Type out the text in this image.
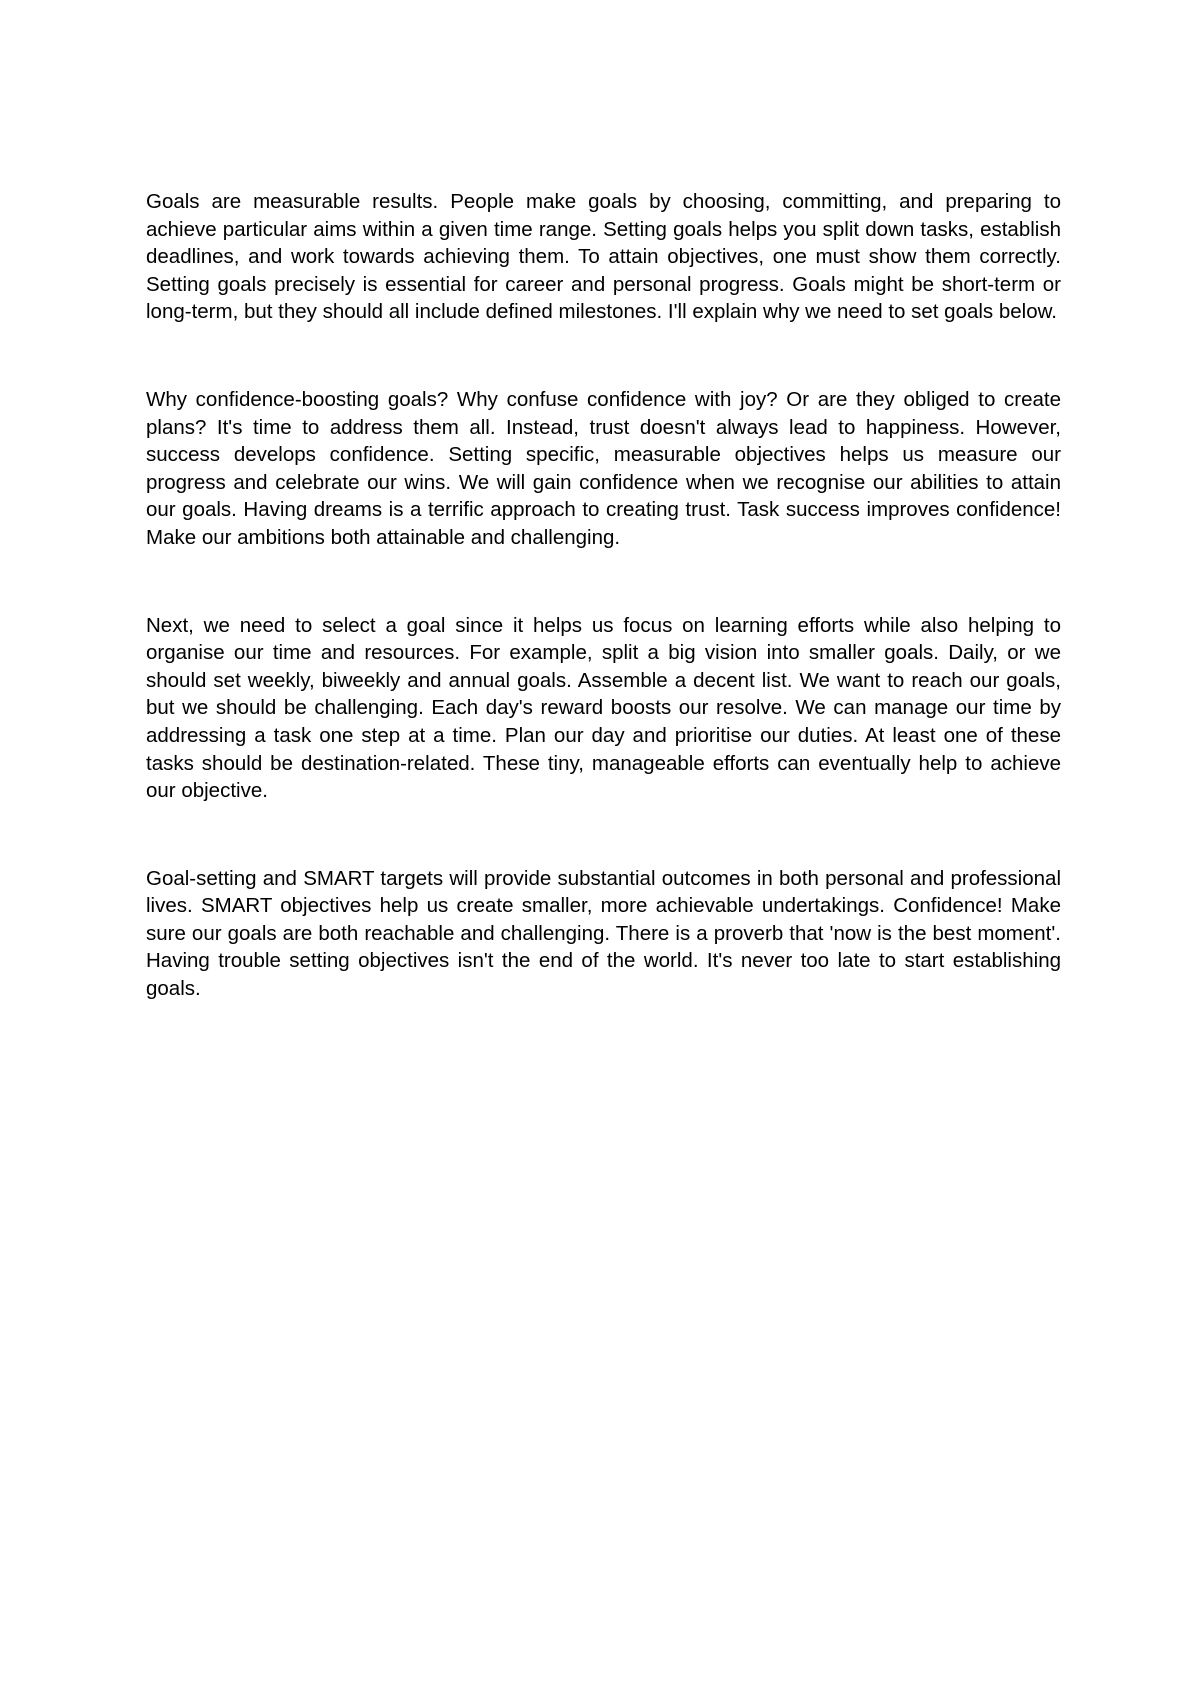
Goals are measurable results. People make goals by choosing, committing, and preparing to achieve particular aims within a given time range. Setting goals helps you split down tasks, establish deadlines, and work towards achieving them. To attain objectives, one must show them correctly. Setting goals precisely is essential for career and personal progress. Goals might be short-term or long-term, but they should all include defined milestones. I'll explain why we need to set goals below.

Why confidence-boosting goals? Why confuse confidence with joy? Or are they obliged to create plans? It's time to address them all. Instead, trust doesn't always lead to happiness. However, success develops confidence. Setting specific, measurable objectives helps us measure our progress and celebrate our wins. We will gain confidence when we recognise our abilities to attain our goals. Having dreams is a terrific approach to creating trust. Task success improves confidence! Make our ambitions both attainable and challenging.

Next, we need to select a goal since it helps us focus on learning efforts while also helping to organise our time and resources. For example, split a big vision into smaller goals. Daily, or we should set weekly, biweekly and annual goals. Assemble a decent list. We want to reach our goals, but we should be challenging. Each day's reward boosts our resolve. We can manage our time by addressing a task one step at a time. Plan our day and prioritise our duties. At least one of these tasks should be destination-related. These tiny, manageable efforts can eventually help to achieve our objective.

Goal-setting and SMART targets will provide substantial outcomes in both personal and professional lives. SMART objectives help us create smaller, more achievable undertakings. Confidence! Make sure our goals are both reachable and challenging. There is a proverb that 'now is the best moment'. Having trouble setting objectives isn't the end of the world. It's never too late to start establishing goals.
